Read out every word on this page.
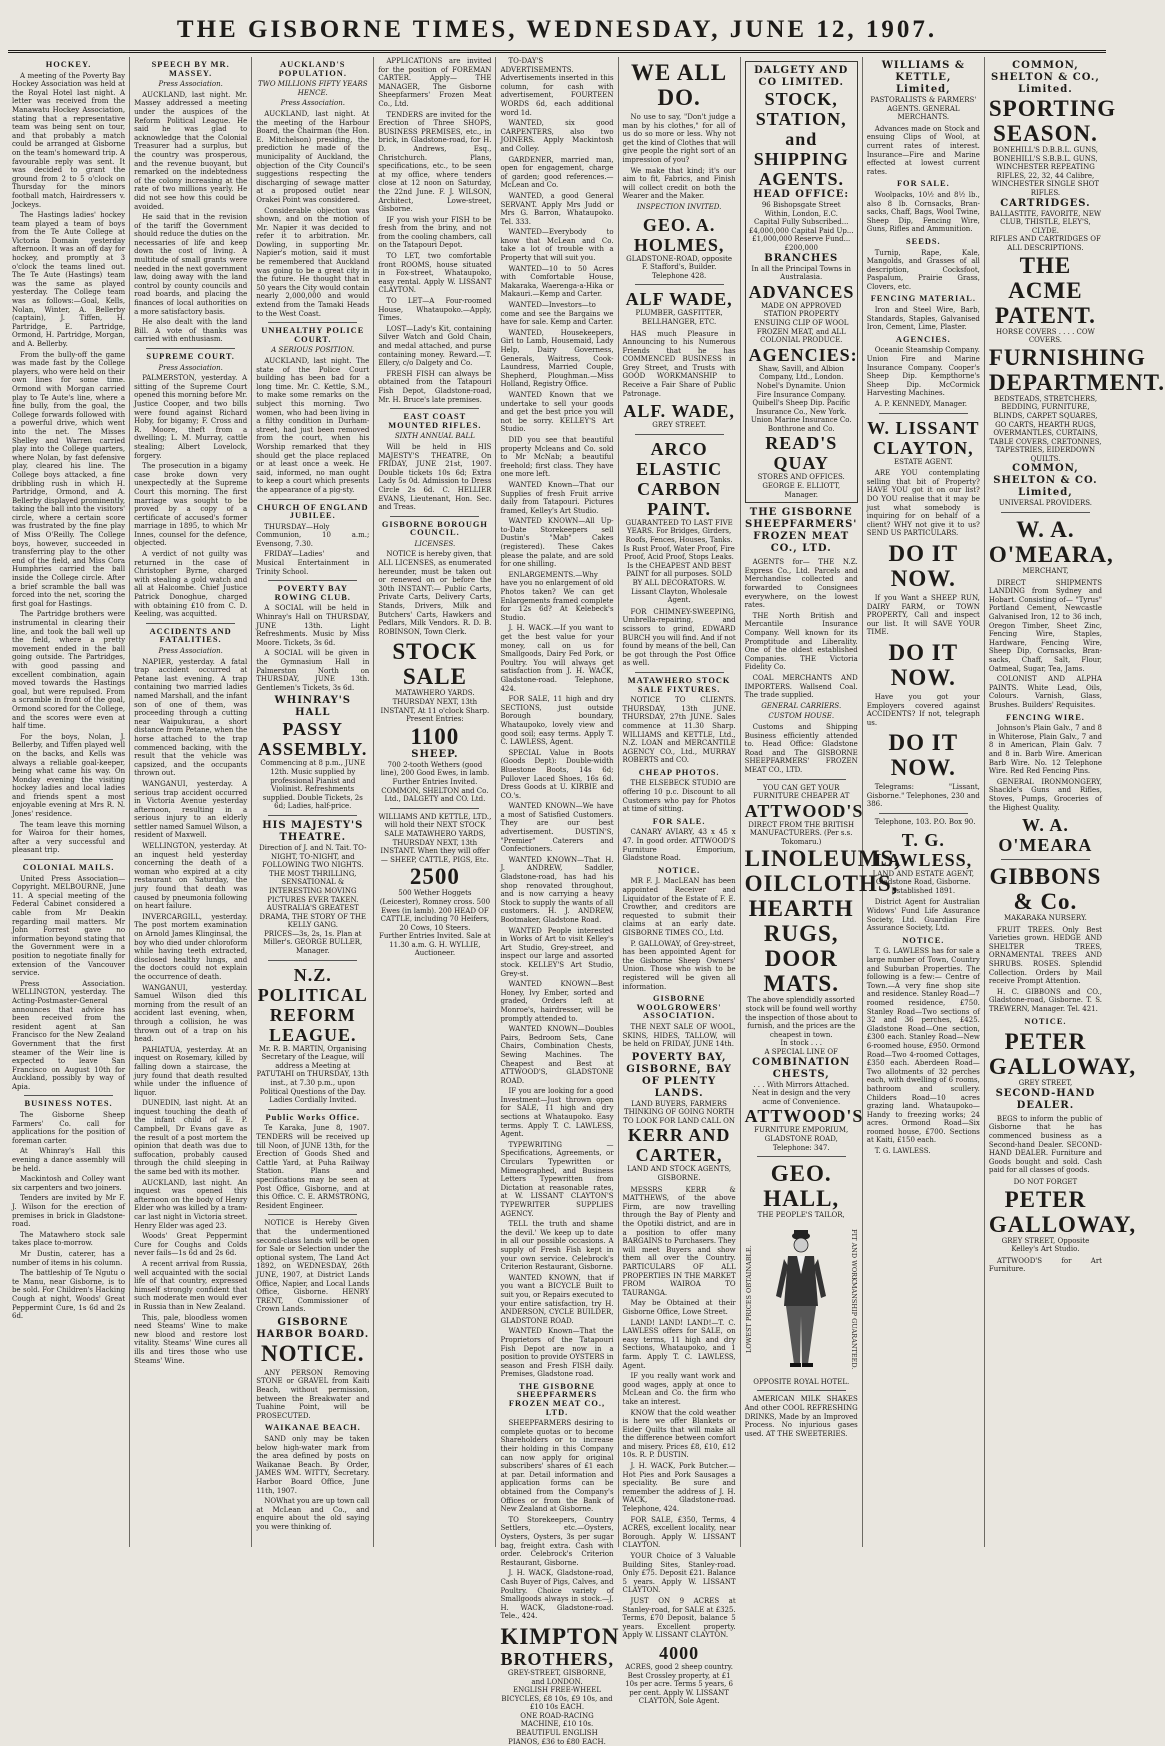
THE GISBORNE TIMES, WEDNESDAY, JUNE 12, 1907.
HOCKEY.

A meeting of the Poverty Bay Hockey Association was held at the Royal Hotel last night. A letter was received from the Manawatu Hockey Association, stating that a representative team was being sent on tour, and that probably a match could be arranged at Gisborne on the team's homeward trip. A favourable reply was sent. It was decided to grant the ground from 2 to 5 o'clock on Thursday for the minors football match, Hairdressers v. Jockeys.

The Hastings ladies' hockey team played a team of boys from the Te Aute College at Victoria Domain yesterday afternoon. It was an off day for hockey, and promptly at 3 o'clock the teams lined out. The Te Aute (Hastings) team was the same as played yesterday. The College team was as follows:—Goal, Kells, Nolan, Winter, A. Bellerby (captain), J. Tiffen, H. Partridge, E. Partridge, Ormond, H. Partridge, Morgan, and A. Bellerby.

From the bully-off the game was made fast by the College players, who were held on their own lines for some time. Ormond with Morgan carried play to Te Aute's line, where a fine bully, from the goal, the College forwards followed with a powerful drive, which went into the net. The Misses Shelley and Warren carried play into the College quarters, where Nolan, by fast defensive play, cleared his line. The College boys attacked, a fine dribbling rush in which H. Partridge, Ormond, and A. Bellerby displayed prominently, taking the ball into the visitors' circle, where a certain score was frustrated by the fine play of Miss O'Reilly. The College boys, however, succeeded in transferring play to the other end of the field, and Miss Cora Humphries carried the ball inside the College circle. After a brief scramble the ball was forced into the net, scoring the first goal for Hastings.

The Partridge brothers were instrumental in clearing their line, and took the ball well up the field, where a pretty movement ended in the ball going outside. The Partridges, with good passing and excellent combination, again moved towards the Hastings goal, but were repulsed. From a scramble in front of the goal, Ormond scored for the College, and the scores were even at half time.

For the boys, Nolan, J. Bellerby, and Tiffen played well on the backs, and Kells was always a reliable goal-keeper, being what came his way. On Monday evening the visiting hockey ladies and local ladies and friends spent a most enjoyable evening at Mrs R. N. Jones' residence.

The team leave this morning for Wairoa for their homes, after a very successful and pleasant trip.

COLONIAL MAILS.

United Press Association—Copyright. MELBOURNE, June 11. A special meeting of the Federal Cabinet considered a cable from Mr Deakin regarding mail matters. Mr John Forrest gave no information beyond stating that the Government were in a position to negotiate finally for extension of the Vancouver service.

Press Association. WELLINGTON, yesterday. The Acting-Postmaster-General announces that advice has been received from the resident agent at San Francisco for the New Zealand Government that the first steamer of the Weir line is expected to leave San Francisco on August 10th for Auckland, possibly by way of Apia.

BUSINESS NOTES.

The Gisborne Sheep Farmers' Co. call for applications for the position of foreman carter.

At Whinray's Hall this evening a dance assembly will be held.

Mackintosh and Colley want six carpenters and two joiners.

Tenders are invited by Mr F. J. Wilson for the erection of premises in brick in Gladstone-road.

The Matawhero stock sale takes place to-morrow.

Mr Dustin, caterer, has a number of items in his column.

The battleship of Te Ngutu o te Manu, near Gisborne, is to be sold. For Children's Hacking Cough at night, Woods' Great Peppermint Cure, 1s 6d and 2s 6d.

SPEECH BY MR. MASSEY.
Press Association.

AUCKLAND, last night. Mr. Massey addressed a meeting under the auspices of the Reform Political League. He said he was glad to acknowledge that the Colonial Treasurer had a surplus, but the country was prosperous, and the revenue buoyant, but remarked on the indebtedness of the colony increasing at the rate of two millions yearly. He did not see how this could be avoided.

He said that in the revision of the tariff the Government should reduce the duties on the necessaries of life and keep down the cost of living. A multitude of small grants were needed in the next government law, doing away with the land control by county councils and road boards, and placing the finances of local authorities on a more satisfactory basis.

He also dealt with the land Bill. A vote of thanks was carried with enthusiasm.

SUPREME COURT.
Press Association.

PALMERSTON, yesterday. A sitting of the Supreme Court opened this morning before Mr. Justice Cooper, and two bills were found against Richard Hoby, for bigamy; F. Cross and R. Moore, theft from a dwelling; L. M. Murray, cattle stealing; Albert Lovelock, forgery.

The prosecution in a bigamy case broke down very unexpectedly at the Supreme Court this morning. The first marriage was sought to be proved by a copy of a certificate of accused's former marriage in 1895, to which Mr Innes, counsel for the defence, objected.

A verdict of not guilty was returned in the case of Christopher Byrne, charged with stealing a gold watch and all at Halcombe. Chief Justice Patrick Donoghue, charged with obtaining £10 from C. D. Keeling, was acquitted.

ACCIDENTS AND FATALITIES.
Press Association.

NAPIER, yesterday. A fatal trap accident occurred at Petane last evening. A trap containing two married ladies named Marshall, and the infant son of one of them, was proceeding through a cutting near Waipukurau, a short distance from Petane, when the horse attached to the trap commenced backing, with the result that the vehicle was capsized, and the occupants thrown out.

WANGANUI, yesterday. A serious trap accident occurred in Victoria Avenue yesterday afternoon, resulting in a serious injury to an elderly settler named Samuel Wilson, a resident of Maxwell.

WELLINGTON, yesterday. At an inquest held yesterday concerning the death of a woman who expired at a city restaurant on Saturday, the jury found that death was caused by pneumonia following on heart failure.

INVERCARGILL, yesterday. The post mortem examination on Arnold James Klinginsal, the boy who died under chloroform while having teeth extracted, disclosed healthy lungs, and the doctors could not explain the occurrence of death.

WANGANUI, yesterday. Samuel Wilson died this morning from the result of an accident last evening, when, through a collision, he was thrown out of a trap on his head.

PAHIATUA, yesterday. At an inquest on Rosemary, killed by falling down a staircase, the jury found that death resulted while under the influence of liquor.

DUNEDIN, last night. At an inquest touching the death of the infant child of E. P. Campbell, Dr Evans gave as the result of a post mortem the opinion that death was due to suffocation, probably caused through the child sleeping in the same bed with its mother.

AUCKLAND, last night. An inquest was opened this afternoon on the body of Henry Elder who was killed by a tram-car last night in Victoria street. Henry Elder was aged 23.

Woods' Great Peppermint Cure for Coughs and Colds never fails—1s 6d and 2s 6d.

A recent arrival from Russia, well acquainted with the social life of that country, expressed himself strongly confident that such moderate men would ever in Russia than in New Zealand.

This, pale, bloodless women need Steams' Wine to make new blood and restore lost vitality. Steams' Wine cures all ills and tires those who use Steams' Wine.

AUCKLAND'S POPULATION.
TWO MILLIONS FIFTY YEARS HENCE.
Press Association.

AUCKLAND, last night. At the meeting of the Harbour Board, the Chairman (the Hon. E. Mitchelson) presiding, the prediction he made of the municipality of Auckland, the objection of the City Council's suggestions respecting the discharging of sewage matter at a proposed outlet near Orakei Point was considered.

Considerable objection was shown, and on the motion of Mr. Napier it was decided to refer it to arbitration. Mr. Dowling, in supporting Mr. Napier's motion, said it must be remembered that Auckland was going to be a great city in the future. He thought that in 50 years the City would contain nearly 2,000,000 and would extend from the Tamaki Heads to the West Coast.

UNHEALTHY POLICE COURT.
A SERIOUS POSITION.

AUCKLAND, last night. The state of the Police Court building has been bad for a long time. Mr. C. Kettle, S.M., to make some remarks on the subject this morning. Two women, who had been living in a filthy condition in Durham-street, had just been removed from the court, when his Worship remarked that they should get the place replaced or at least once a week. He said, informed, no man ought to keep a court which presents the appearance of a pig-sty.

CHURCH OF ENGLAND JUBILEE.

THURSDAY—Holy Communion, 10 a.m.; Evensong, 7.30.

FRIDAY—Ladies' and Musical Entertainment in Trinity School.

POVERTY BAY ROWING CLUB.

A SOCIAL will be held in Whinray's Hall on THURSDAY, JUNE 13th. Light Refreshments. Music by Miss Moore. Tickets, 3s 6d.

A SOCIAL will be given in the Gymnasium Hall in Palmerston North on THURSDAY, JUNE 13th. Gentlemen's Tickets, 3s 6d.

WHINRAY'S HALL
PASSY ASSEMBLY.
Commencing at 8 p.m., JUNE 12th. Music supplied by professional Pianist and Violinist. Refreshments supplied. Double Tickets, 2s 6d; Ladies, half-price.
HIS MAJESTY'S THEATRE.
Direction of J. and N. Tait. TO-NIGHT, TO-NIGHT, and FOLLOWING TWO NIGHTS. THE MOST THRILLING, SENSATIONAL & INTERESTING MOVING PICTURES EVER TAKEN. AUSTRALIA'S GREATEST DRAMA, THE STORY OF THE KELLY GANG.
PRICES—3s, 2s, 1s. Plan at Miller's. GEORGE BULLER, Manager.
N.Z. POLITICAL REFORM LEAGUE.
Mr. R. B. MARTIN, Organising Secretary of the League, will address a Meeting at PATUTAHI on THURSDAY, 13th inst., at 7.30 p.m., upon Political Questions of the Day. Ladies Cordially Invited.
Public Works Office.

Te Karaka, June 8, 1907. TENDERS will be received up till Noon, of JUNE 13th, for the Erection of Goods Shed and Cattle Yard, at Puha Railway Station. Plans and specifications may be seen at Post Office, Gisborne, and at this Office. C. E. ARMSTRONG, Resident Engineer.

NOTICE is Hereby Given that the undermentioned second-class lands will be open for Sale or Selection under the optional system, The Land Act 1892, on WEDNESDAY, 26th JUNE, 1907, at District Lands Office, Napier, and Local Lands Office, Gisborne. HENRY TRENT, Commissioner of Crown Lands.

GISBORNE HARBOR BOARD.
NOTICE.

ANY PERSON Removing STONE or GRAVEL from Kaiti Beach, without permission, between the Breakwater and Tuahine Point, will be PROSECUTED.

WAIKANAE BEACH.

SAND only may be taken below high-water mark from the area defined by posts on Waikanae Beach. By Order, JAMES WM. WITTY, Secretary. Harbor Board Office, June 11th, 1907.

NOWhat you are up town call at McLean and Co., and enquire about the old saying you were thinking of.

APPLICATIONS are invited for the position of FOREMAN CARTER. Apply— THE MANAGER, The Gisborne Sheepfarmers' Frozen Meat Co., Ltd.

TENDERS are invited for the Erection of Three SHOPS, BUSINESS PREMISES, etc., in brick, in Gladstone-road, for H. D. Andrews, Esq., Christchurch. Plans, specifications, etc., to be seen at my office, where tenders close at 12 noon on Saturday, the 22nd June. F. J. WILSON, Architect, Lowe-street, Gisborne.

IF you wish your FISH to be fresh from the briny, and not from the cooling chambers, call on the Tatapouri Depot.

TO LET, two comfortable front ROOMS, house situated in Fox-street, Whataupoko, easy rental. Apply W. LISSANT CLAYTON.

TO LET—A Four-roomed House, Whataupoko.—Apply, Times.

LOST—Lady's Kit, containing Silver Watch and Gold Chain, and medal attached, and purse containing money. Reward.—T. Ellery, c/o Dalgety and Co.

FRESH FISH can always be obtained from the Tatapouri Fish Depot, Gladstone-road, Mr. H. Bruce's late premises.

EAST COAST MOUNTED RIFLES.
SIXTH ANNUAL BALL

Will be held in HIS MAJESTY'S THEATRE, On FRIDAY, JUNE 21st, 1907. Double tickets 10s 6d; Extra Lady 5s 0d. Admission to Dress Circle 2s 6d. C. HELLIER EVANS, Lieutenant, Hon. Sec. and Treas.

GISBORNE BOROUGH COUNCIL.
LICENSES.

NOTICE is hereby given, that ALL LICENSES, as enumerated hereunder, must be taken out or renewed on or before the 30th INSTANT:— Public Carts, Private Carts, Delivery Carts, Stands, Drivers, Milk and Butchers' Carts, Hawkers and Pedlars, Milk Vendors. R. D. B. ROBINSON, Town Clerk.

STOCK SALE
MATAWHERO YARDS. THURSDAY NEXT, 13th INSTANT, At 11 o'clock Sharp. Present Entries:
1100
SHEEP.
700 2-tooth Wethers (good line), 200 Good Ewes, in lamb. Further Entries Invited. COMMON, SHELTON and Co. Ltd., DALGETY and CO. Ltd.
WILLIAMS AND KETTLE, LTD., will hold their NEXT STOCK SALE MATAWHERO YARDS, THURSDAY NEXT, 13th INSTANT. When they will offer— SHEEP, CATTLE, PIGS, Etc.
2500
500 Wether Hoggets (Leicester), Romney cross. 500 Ewes (in lamb). 200 HEAD OF CATTLE, including 70 Heifers, 20 Cows, 10 Steers.
Further Entries Invited. Sale at 11.30 a.m. G. H. WYLLIE, Auctioneer.

TO-DAY'S ADVERTISEMENTS. Advertisements inserted in this column, for cash with advertisement, FOURTEEN WORDS 6d, each additional word 1d.

WANTED, six good CARPENTERS, also two JOINERS. Apply Mackintosh and Colley.

GARDENER, married man, open for engagement, charge of garden; good references.—McLean and Co.

WANTED, a good General SERVANT. Apply Mrs Judd or Mrs G. Barron, Whataupoko. Tel. 333.

WANTED—Everybody to know that McLean and Co. take a lot of trouble with a Property that will suit you.

WANTED—10 to 50 Acres with Comfortable House, Makaraka, Waerenga-a-Hika or Makauri.—Kemp and Carter.

WANTED—Investors—to come and see the Bargains we have for sale. Kemp and Carter.

WANTED, Housekeepers, Girl to Lamb, Housemaid, Lady Help, Dairy Governess, Generals, Waitress, Cook-Laundress, Married Couple, Shepherd, Ploughman.—Miss Holland, Registry Office.

WANTED Known that we undertake to sell your goods and get the best price you will not be sorry. KELLEY'S Art Studio.

DID you see that beautiful property Mcleans and Co. sold to Mr McNab; a beautiful freehold; first class. They have one more left.

WANTED Known—That our Supplies of fresh Fruit arrive daily from Tatapouri. Pictures framed, Kelley's Art Studio.

WANTED KNOWN—All Up-to-Date Storekeepers sell Dustin's "Mab" Cakes (registered). These Cakes please the palate, and are sold for one shilling.

ENLARGEMENTS.—Why have you no enlargement of old Photos taken? We can get Enlargements framed complete for 12s 6d? At Kelebeck's Studio.

J. H. WACK.—If you want to get the best value for your money, call on us for Smallgoods, Dairy Fed Pork, or Poultry. You will always get satisfaction from J. H. WACK, Gladstone-road. Telephone, 424.

FOR SALE, 11 high and dry SECTIONS, just outside Borough boundary, Whataupoko, lovely view and good soil; easy terms. Apply T. C. LAWLESS, Agent.

SPECIAL Value in Boots (Goods Dept): Double-width Bluestone Boots, 14s 6d; Pullover Laced Shoes, 16s 6d. Dress Goods at U. KIRBIE and CO.'s.

WANTED KNOWN—We have a most of Satisfied Customers. They are our best advertisement. DUSTIN'S, "Premier" Caterers and Confectioners.

WANTED KNOWN—That H. J. ANDREW, Saddler, Gladstone-road, has had his shop renovated throughout, and is now carrying a heavy Stock to supply the wants of all customers. H. J. ANDREW, Bootmaker, Gladstone Road.

WANTED People interested in Works of Art to visit Kelley's Art Studio, Grey-street, and inspect our large and assorted stock. KELLEY'S Art Studio, Grey-st.

WANTED KNOWN—Best Honey, Ivy Ember, sorted and graded, Orders left at Monroe's, hairdresser, will be promptly attended to.

WANTED KNOWN—Doubles Pairs, Bedroom Sets, Cane Chairs, Combination Chests, Sewing Machines. The Cheapest and Best at ATTWOOD'S, GLADSTONE ROAD.

IF you are looking for a good Investment—Just thrown open for SALE, 11 high and dry sections at Whataupoko. Easy terms. Apply T. C. LAWLESS, Agent.

TYPEWRITING — Specifications, Agreements, or Circulars Typewritten or Mimeographed, and Business Letters Typewritten from Dictation at reasonable rates, at W. LISSANT CLAYTON'S TYPEWRITER SUPPLIES AGENCY.

TELL the truth and shame the devil.' We keep up to date in all our possible occasions. A supply of Fresh Fish kept in your own service. Celebrock's Criterion Restaurant, Gisborne.

WANTED KNOWN, that if you want a BICYCLE Built to suit you, or Repairs executed to your entire satisfaction, try H. ANDERSON, CYCLE BUILDER, GLADSTONE ROAD.

WANTED Known—That the Proprietors of the Tatapouri Fish Depot are now in a position to provide OYSTERS in season and Fresh FISH daily. Premises, Gladstone road.

THE GISBORNE SHEEPFARMERS FROZEN MEAT CO., LTD.

SHEEPFARMERS desiring to complete quotas or to become Shareholders or to increase their holding in this Company can now apply for original subscribers' shares of £1 each at par. Detail information and application forms can be obtained from the Company's Offices or from the Bank of New Zealand at Gisborne.

TO Storekeepers, Country Settlers, etc.—Oysters, Oysters, Oysters, 3s per sugar bag, freight extra. Cash with order. Celebrock's Criterion Restaurant, Gisborne.

J. H. WACK, Gladstone-road, Cash Buyer of Pigs, Calves, and Poultry. Choice variety of Smallgoods always in stock.—J. H. WACK, Gladstone-road. Tele., 424.

KIMPTON
BROTHERS,
GREY-STREET, GISBORNE, and LONDON.
ENGLISH FREE-WHEEL BICYCLES, £8 10s, £9 10s, and £10 10s EACH.
ONE ROAD-RACING MACHINE, £10 10s.
BEAUTIFUL ENGLISH PIANOS, £36 to £80 EACH.
WE ALL DO.

No use to say, "Don't judge a man by his clothes," for all of us do so more or less. Why not get the kind of Clothes that will give people the right sort of an impression of you?

We make that kind; it's our aim to fit, Fabrics, and Finish will collect credit on both the Wearer and the Maker.

INSPECTION INVITED.
GEO. A. HOLMES,
GLADSTONE-ROAD, opposite F. Stafford's, Builder. Telephone 428.
ALF WADE,
PLUMBER, GASFITTER, BELLHANGER, ETC.

HAS much Pleasure in Announcing to his Numerous Friends that he has COMMENCED BUSINESS in Grey Street, and Trusts with GOOD WORKMANSHIP to Receive a Fair Share of Public Patronage.

ALF. WADE,
GREY STREET.
ARCO ELASTIC CARBON PAINT.
GUARANTEED TO LAST FIVE YEARS. For Bridges, Girders, Roofs, Fences, Houses, Tanks. Is Rust Proof, Water Proof, Fire Proof, Acid Proof, Stops Leaks. Is the CHEAPEST AND BEST PAINT for all purposes. SOLD BY ALL DECORATORS. W. Lissant Clayton, Wholesale Agent.

FOR CHIMNEY-SWEEPING, Umbrella-repairing, and scissors to grind, EDWARD BURCH you will find. And if not found by means of the bell, Can be got through the Post Office as well.

MATAWHERO STOCK SALE FIXTURES.

NOTICE TO CLIENTS. THURSDAY, 13th JUNE. THURSDAY, 27th JUNE. Sales commence at 11.30 Sharp. WILLIAMS and KETTLE, Ltd., N.Z. LOAN and MERCANTILE AGENCY CO., Ltd., MURRAY ROBERTS and CO.

CHEAP PHOTOS.

THE ELSEBECK STUDIO are offering 10 p.c. Discount to all Customers who pay for Photos at time of sitting.

FOR SALE.

CANARY AVIARY, 43 x 45 x 47. In good order. ATTWOOD'S Furniture Emporium, Gladstone Road.

NOTICE.

MR F. J. MacLEAN has been appointed Receiver and Liquidator of the Estate of F. E. Crowther, and creditors are requested to submit their claims at an early date. GISBORNE TIMES CO., Ltd.

P. GALLOWAY, of Grey-street, has been appointed Agent for the Gisborne Sheep Owners' Union. Those who wish to be registered will be given all information.

GISBORNE WOOLGROWERS' ASSOCIATION.

THE NEXT SALE OF WOOL, SKINS, HIDES, TALLOW, will be held on FRIDAY, JUNE 14th.

POVERTY BAY, GISBORNE, BAY OF PLENTY LANDS.
LAND BUYERS, FARMERS THINKING OF GOING NORTH TO LOOK FOR LAND CALL ON
KERR AND CARTER,
LAND AND STOCK AGENTS, GISBORNE.

MESSRS KERR & MATTHEWS, of the above Firm, are now travelling through the Bay of Plenty and the Opotiki district, and are in a position to offer many BARGAINS to Purchasers. They will meet Buyers and show them all over the Country. PARTICULARS OF ALL PROPERTIES IN THE MARKET FROM WAIROA TO TAURANGA.

May be Obtained at their Gisborne Office, Lowe Street.

LAND! LAND! LAND!—T. C. LAWLESS offers for SALE, on easy terms, 11 high and dry Sections, Whataupoko, and 1 farm. Apply T. C. LAWLESS, Agent.

IF you really want work and good wages, apply at once to McLean and Co. the firm who take an interest.

KNOW that the cold weather is here we offer Blankets or Eider Quilts that will make all the difference between comfort and misery. Prices £8, £10, £12 10s. R. P. DUSTIN.

J. H. WACK, Pork Butcher.—Hot Pies and Pork Sausages a speciality. Be sure and remember the address of J. H. WACK, Gladstone-road. Telephone, 424.

FOR SALE, £350, Terms, 4 ACRES, excellent locality, near Borough. Apply W. LISSANT CLAYTON.

YOUR Choice of 3 Valuable Building Sites, Stanley-road. Only £75. Deposit £21. Balance 5 years. Apply W. LISSANT CLAYTON.

JUST ON 9 ACRES at Stanley-road, for SALE at £325. Terms, £70 Deposit, balance 5 years. Excellent property. Apply W. LISSANT CLAYTON.

4000
ACRES, good 2 sheep country. Best Crossley property, at £1 10s per acre. Terms 5 years, 6 per cent. Apply W. LISSANT CLAYTON, Sole Agent.
DALGETY AND CO LIMITED.
STOCK, STATION, and SHIPPING AGENTS.
HEAD OFFICE:
96 Bishopsgate Street Within, London, E.C.
Capital Fully Subscribed...£4,000,000 Capital Paid Up...£1,000,000 Reserve Fund...£200,000
BRANCHES
In all the Principal Towns in Australasia.
ADVANCES
MADE ON APPROVED STATION PROPERTY ENSUING CLIP OF WOOL FROZEN MEAT, and ALL COLONIAL PRODUCE.
AGENCIES:
Shaw, Savill, and Albion Company, Ltd., London. Nobel's Dynamite. Union Fire Insurance Company. Quibell's Sheep Dip. Pacific Insurance Co., New York. Union Marine Insurance Co. Bonthrone and Co.
READ'S QUAY
STORES AND OFFICES. GEORGE E. ELLIOTT, Manager.
THE GISBORNE SHEEPFARMERS' FROZEN MEAT CO., LTD.

AGENTS for— THE N.Z. Express Co., Ltd. Parcels and Merchandise collected and forwarded to Consignees everywhere, on the lowest rates.

THE North British and Mercantile Insurance Company. Well known for its Promptitude and Liberality. One of the oldest established Companies. THE Victoria Fidelity Co.

COAL MERCHANTS AND IMPORTERS. Wallsend Coal. The trade supplied.

GENERAL CARRIERS.
CUSTOM HOUSE.

Customs and Shipping Business efficiently attended to. Head Office: Gladstone Road and The GISBORNE SHEEPFARMERS' FROZEN MEAT CO., LTD.

YOU CAN GET YOUR FURNITURE CHEAPER AT
ATTWOOD'S
DIRECT FROM THE BRITISH MANUFACTURERS. (Per s.s. Tokomaru.)
LINOLEUMS, OILCLOTHS, HEARTH RUGS, DOOR MATS.
The above splendidly assorted stock will be found well worthy the inspection of those about to furnish, and the prices are the cheapest in town.
In stock . . .
A SPECIAL LINE OF
COMBINATION CHESTS,
. . . With Mirrors Attached.
Neat in design and the very acme of Convenience.
ATTWOOD'S
FURNITURE EMPORIUM, GLADSTONE ROAD, Telephone: 347.
GEO. HALL,
THE PEOPLE'S TAILOR,
LOWEST PRICES OBTAINABLE.	FIT AND WORKMANSHIP GUARANTEED.
OPPOSITE ROYAL HOTEL.

AMERICAN MILK SHAKES And other COOL REFRESHING DRINKS, Made by an Improved Process. No injurious gases used. AT THE SWEETERIES.

WILLIAMS & KETTLE, Limited,
PASTORALISTS & FARMERS' AGENTS. GENERAL MERCHANTS.

Advances made on Stock and ensuing Clips of Wool, at current rates of interest. Insurance—Fire and Marine effected at lowest current rates.

FOR SALE.

Woolpacks, 10½ and 8½ lb., also 8 lb. Cornsacks, Bran-sacks, Chaff, Bags, Wool Twine, Sheep Dip, Fencing Wire, Guns, Rifles and Ammunition.

SEEDS.

Turnip, Rape, Kale, Mangolds, and Grasses of all description, Cocksfoot, Paspalum, Prairie Grass, Clovers, etc.

FENCING MATERIAL.

Iron and Steel Wire, Barb, Standards, Staples, Galvanised Iron, Cement, Lime, Plaster.

AGENCIES.

Oceanic Steamship Company. Union Fire and Marine Insurance Company. Cooper's Sheep Dip. Kempthorne's Sheep Dip. McCormick Harvesting Machines.

A. P. KENNEDY, Manager.

W. LISSANT CLAYTON,
ESTATE AGENT.

ARE YOU contemplating selling that bit of Property? HAVE YOU got it on our list? DO YOU realise that it may be just what somebody is inquiring for on behalf of a client? WHY not give it to us? SEND US PARTICULARS.

DO IT NOW.

If you Want a SHEEP RUN, DAIRY FARM, or TOWN PROPERTY, Call and inspect our list. It will SAVE YOUR TIME.

DO IT NOW.

Have you got your Employers covered against ACCIDENTS? If not, telegraph us.

DO IT NOW.

Telegrams: "Lissant, Gisborne." Telephones, 230 and 386.

Telephone, 103. P.O. Box 90.

T. G. LAWLESS,
LAND AND ESTATE AGENT, Gladstone Road, Gisborne. Established 1891.

District Agent for Australian Widows' Fund Life Assurance Society, Ltd. Guardian Fire Assurance Society, Ltd.

NOTICE.

T. G. LAWLESS has for sale a large number of Town, Country and Suburban Properties. The following is a few:— Centre of Town.—A very fine shop site and residence. Stanley Road—7 roomed residence, £750. Stanley Road—Two sections of 32 and 36 perches, £425. Gladstone Road—One section, £300 each. Stanley Road—New 6-roomed house, £950. Ormond Road—Two 4-roomed Cottages, £350 each. Aberdeen Road—Two allotments of 32 perches each, with dwelling of 6 rooms, bathroom and scullery. Childers Road—10 acres grazing land. Whataupoko—Handy to freezing works; 24 acres. Ormond Road—Six roomed house, £700. Sections at Kaiti, £150 each.

T. G. LAWLESS.

COMMON, SHELTON & CO., Limited.
SPORTING SEASON.
BONEHILL'S D.B.B.L. GUNS, BONEHILL'S S.B.B.L. GUNS, WINCHESTER REPEATING RIFLES, 22, 32, 44 Calibre, WINCHESTER SINGLE SHOT RIFLES.
CARTRIDGES.
BALLASTITE, FAVORITE, NEW CLUB, THISTLE, ELEY'S, CLYDE.
RIFLES AND CARTRIDGES OF ALL DESCRIPTIONS.
THE ACME PATENT.
HORSE COVERS . . . . COW COVERS.
FURNISHING DEPARTMENT.
BEDSTEADS, STRETCHERS, BEDDING, FURNITURE, BLINDS, CARPET SQUARES, GO CARTS, HEARTH RUGS, OVERMANTLES, CURTAINS, TABLE COVERS, CRETONNES, TAPESTRIES, EIDERDOWN QUILTS.
COMMON, SHELTON & CO. Limited,
UNIVERSAL PROVIDERS.
W. A. O'MEARA,
MERCHANT,

DIRECT SHIPMENTS LANDING from Sydney and Hobart. Consisting of— "Tyrus" Portland Cement, Newcastle Galvanised Iron, 12 to 36 inch, Oregon Timber, Sheet Zinc, Fencing Wire, Staples, Hardware, Fencing Wire, Sheep Dip, Cornsacks, Bran-sacks, Chaff, Salt, Flour, Oatmeal, Sugar, Tea, Jams.

COLONIST AND ALPHA PAINTS. White Lead, Oils, Colours. Varnish, Glass, Brushes. Builders' Requisites.

FENCING WIRE.

Johnson's Plain Galv., 7 and 8 in Whiterose, Plain Galv., 7 and 8 in American, Plain Galv. 7 and 8 in. Barb Wire. American Barb Wire. No. 12 Telephone Wire. Red Red Fencing Pins.

GENERAL IRONMONGERY, Shackle's Guns and Rifles, Stoves, Pumps, Groceries of the Highest Quality.

W. A. O'MEARA
GIBBONS & Co.
MAKARAKA NURSERY.

FRUIT TREES. Only Best Varieties grown. HEDGE AND SHELTER TREES, ORNAMENTAL TREES AND SHRUBS. ROSES. Splendid Collection. Orders by Mail receive Prompt Attention.

H. C. GIBBONS and CO., Gladstone-road, Gisborne. T. S. TREWERN, Manager. Tel. 421.

NOTICE.
PETER GALLOWAY,
GREY STREET,
SECOND-HAND DEALER.

BEGS to inform the public of Gisborne that he has commenced business as a Second-hand Dealer. SECOND-HAND DEALER. Furniture and Goods bought and sold. Cash paid for all classes of goods.

DO NOT FORGET
PETER GALLOWAY,
GREY STREET, Opposite Kelley's Art Studio.

ATTWOOD'S for Art Furniture.
